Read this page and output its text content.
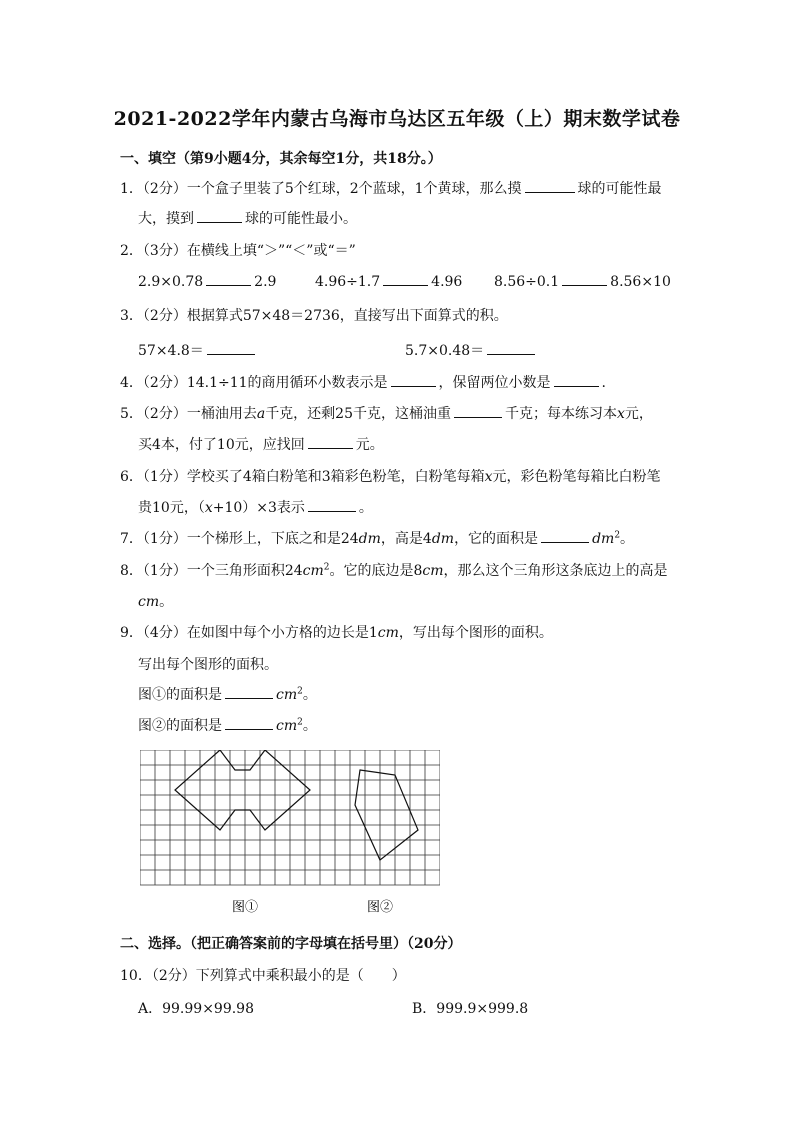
2021-2022学年内蒙古乌海市乌达区五年级（上）期末数学试卷
一、填空（第9小题4分，其余每空1分，共18分。）
1．（2分）一个盒子里装了5个红球，2个蓝球，1个黄球，那么摸	球的可能性最
大，摸到	球的可能性最小。
2．（3分）在横线上填“＞”“＜”或“＝”
2.9×0.78	2.9	4.96÷1.7	4.96 8.56÷0.1	8.56×10
3．（2分）根据算式57×48＝2736，直接写出下面算式的积。
57×4.8＝	5.7×0.48＝
4．（2分）14.1÷11的商用循环小数表示是	，保留两位小数是	.
5．（2分）一桶油用去a千克，还剩25千克，这桶油重	千克；每本练习本x元，
买4本，付了10元，应找回	元。
6．（1分）学校买了4箱白粉笔和3箱彩色粉笔，白粉笔每箱x元，彩色粉笔每箱比白粉笔
贵10元，（x+10）×3表示	。
7．（1分）一个梯形上，下底之和是24dm，高是4dm，它的面积是	$dm^2$。
8．（1分）一个三角形面积$24cm^2$。它的底边是8cm，那么这个三角形这条底边上的高是
cm。
9．（4分）在如图中每个小方格的边长是1cm，写出每个图形的面积。
写出每个图形的面积。
图①的面积是	$cm^2$。
图②的面积是	$cm^2$。
图①	图②
二、选择。（把正确答案前的字母填在括号里）（20分）
10．（2分）下列算式中乘积最小的是（　　）
A．99.99×99.98	B．999.9×999.8
